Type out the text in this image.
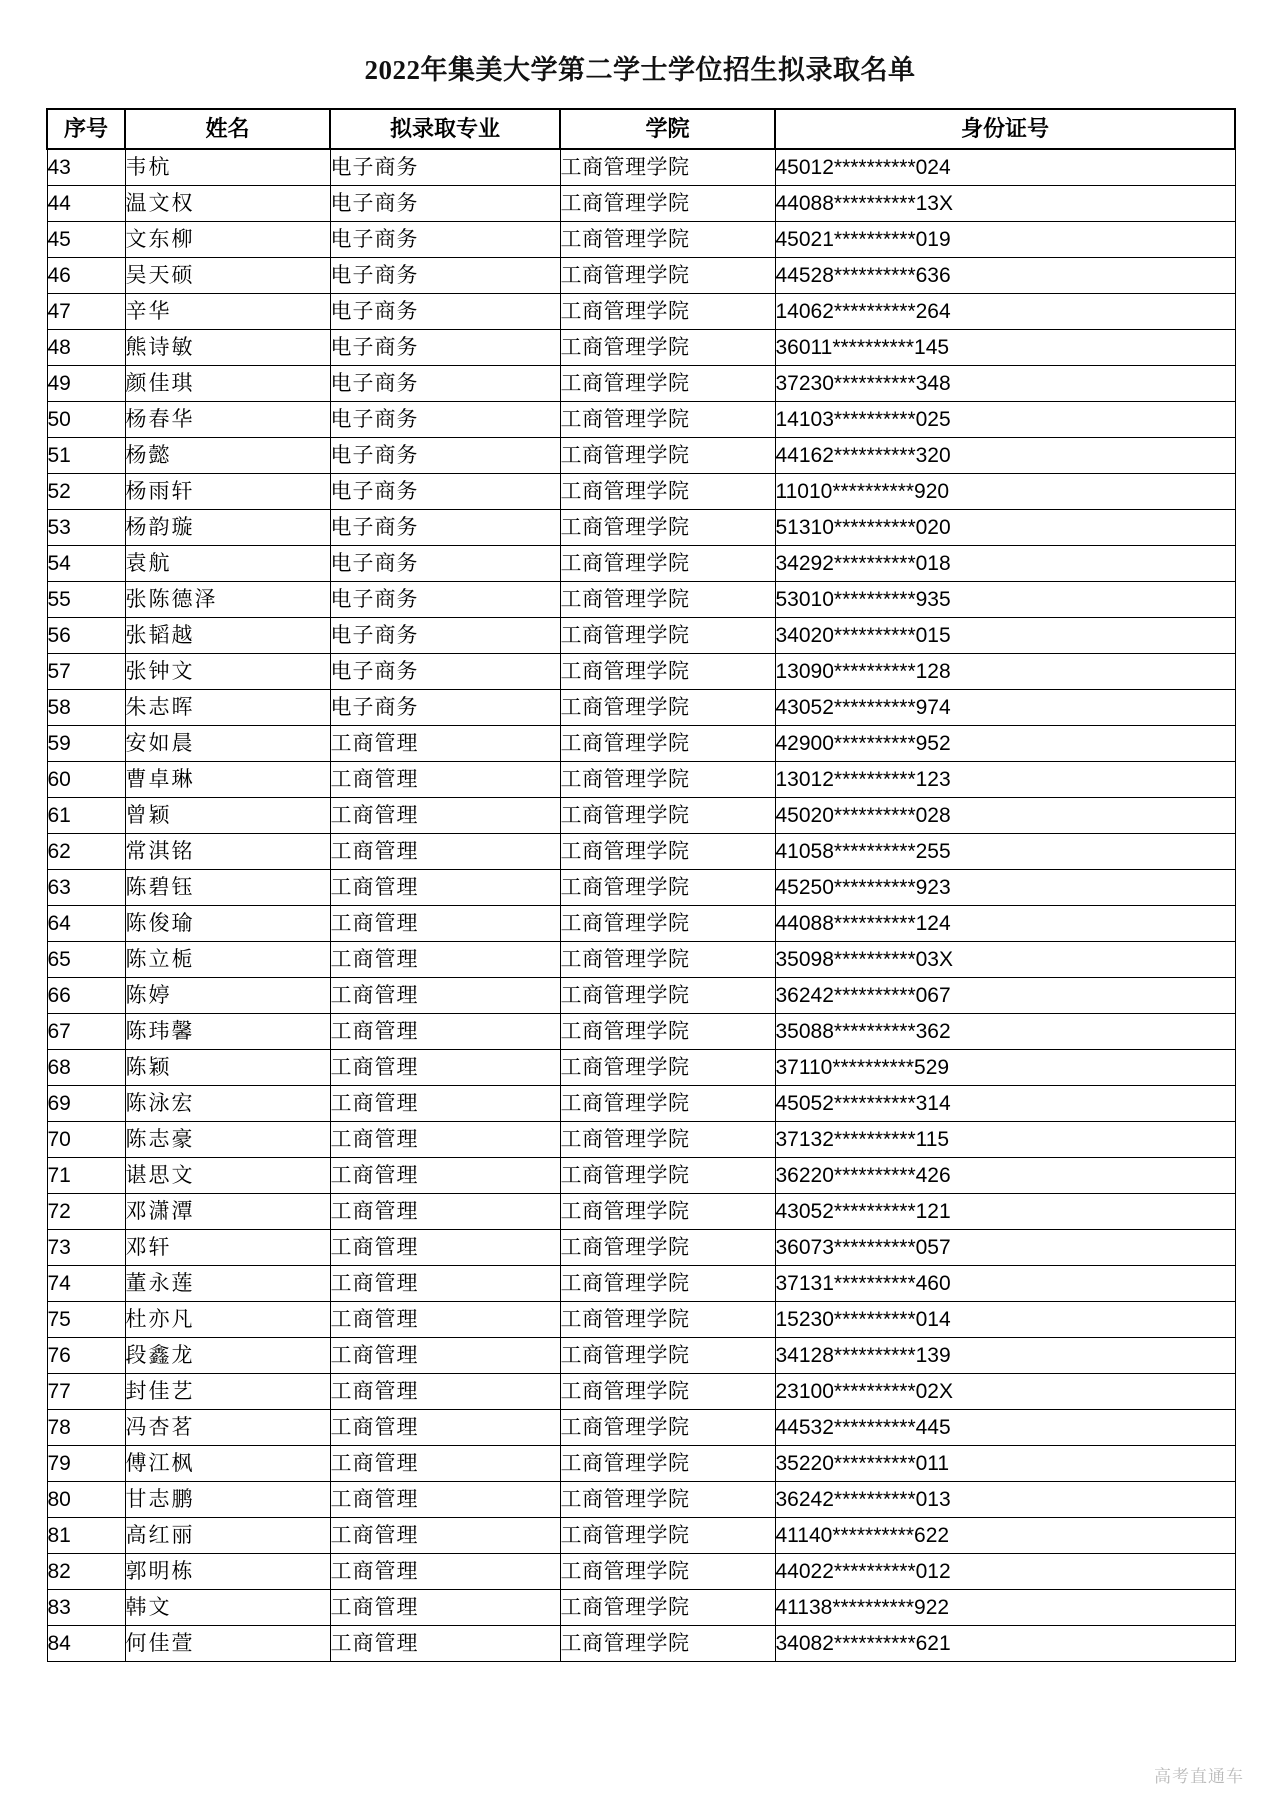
2022年集美大学第二学士学位招生拟录取名单
序号	姓名	拟录取专业	学院	身份证号
43	韦杭	电子商务	工商管理学院	45012**********024
44	温文权	电子商务	工商管理学院	44088**********13X
45	文东柳	电子商务	工商管理学院	45021**********019
46	吴天硕	电子商务	工商管理学院	44528**********636
47	辛华	电子商务	工商管理学院	14062**********264
48	熊诗敏	电子商务	工商管理学院	36011**********145
49	颜佳琪	电子商务	工商管理学院	37230**********348
50	杨春华	电子商务	工商管理学院	14103**********025
51	杨懿	电子商务	工商管理学院	44162**********320
52	杨雨轩	电子商务	工商管理学院	11010**********920
53	杨韵璇	电子商务	工商管理学院	51310**********020
54	袁航	电子商务	工商管理学院	34292**********018
55	张陈德泽	电子商务	工商管理学院	53010**********935
56	张韬越	电子商务	工商管理学院	34020**********015
57	张钟文	电子商务	工商管理学院	13090**********128
58	朱志晖	电子商务	工商管理学院	43052**********974
59	安如晨	工商管理	工商管理学院	42900**********952
60	曹卓琳	工商管理	工商管理学院	13012**********123
61	曾颖	工商管理	工商管理学院	45020**********028
62	常淇铭	工商管理	工商管理学院	41058**********255
63	陈碧钰	工商管理	工商管理学院	45250**********923
64	陈俊瑜	工商管理	工商管理学院	44088**********124
65	陈立栀	工商管理	工商管理学院	35098**********03X
66	陈婷	工商管理	工商管理学院	36242**********067
67	陈玮馨	工商管理	工商管理学院	35088**********362
68	陈颖	工商管理	工商管理学院	37110**********529
69	陈泳宏	工商管理	工商管理学院	45052**********314
70	陈志豪	工商管理	工商管理学院	37132**********115
71	谌思文	工商管理	工商管理学院	36220**********426
72	邓潇潭	工商管理	工商管理学院	43052**********121
73	邓轩	工商管理	工商管理学院	36073**********057
74	董永莲	工商管理	工商管理学院	37131**********460
75	杜亦凡	工商管理	工商管理学院	15230**********014
76	段鑫龙	工商管理	工商管理学院	34128**********139
77	封佳艺	工商管理	工商管理学院	23100**********02X
78	冯杏茗	工商管理	工商管理学院	44532**********445
79	傅江枫	工商管理	工商管理学院	35220**********011
80	甘志鹏	工商管理	工商管理学院	36242**********013
81	高红丽	工商管理	工商管理学院	41140**********622
82	郭明栋	工商管理	工商管理学院	44022**********012
83	韩文	工商管理	工商管理学院	41138**********922
84	何佳萱	工商管理	工商管理学院	34082**********621
高考直通车
